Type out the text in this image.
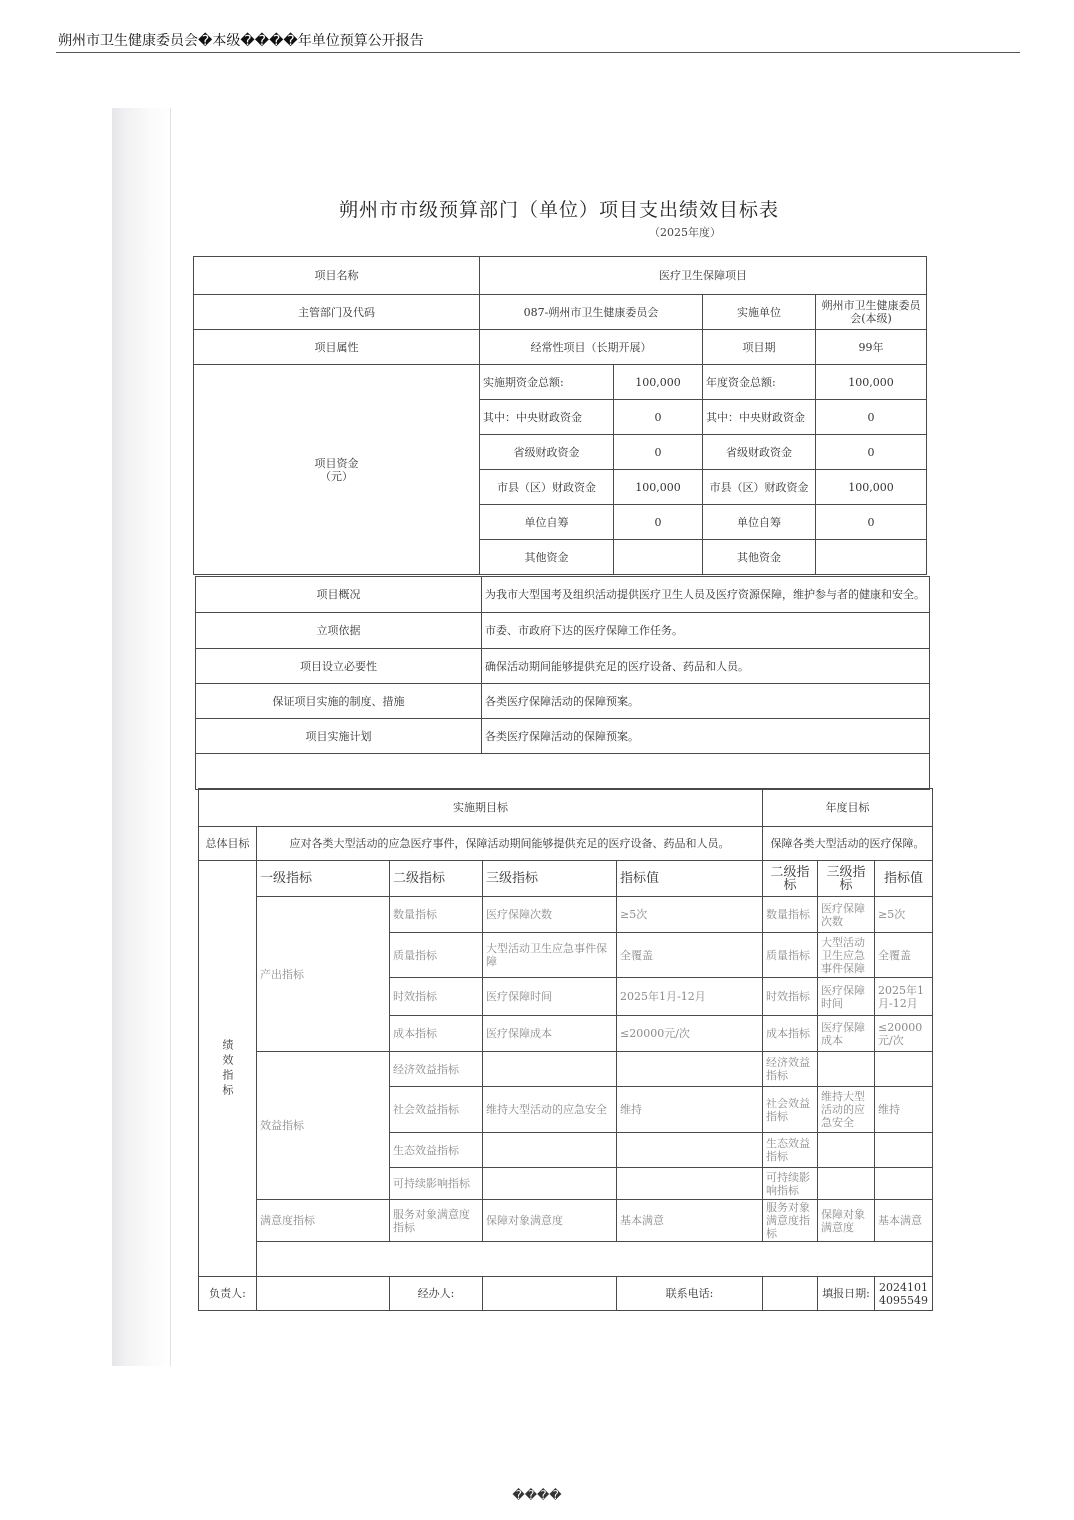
朔州市卫生健康委员会�本级����年单位预算公开报告
朔州市市级预算部门（单位）项目支出绩效目标表
（2025年度）
项目名称	医疗卫生保障项目			
主管部门及代码	087-朔州市卫生健康委员会		实施单位	朔州市卫生健康委员会(本级)
项目属性	经常性项目（长期开展）		项目期	99年
项目资金
（元）	实施期资金总额:	100,000	年度资金总额:	100,000
	其中：中央财政资金	0	其中：中央财政资金	0
	省级财政资金	0	省级财政资金	0
	市县（区）财政资金	100,000	市县（区）财政资金	100,000
	单位自筹	0	单位自筹	0
	其他资金		其他资金	
项目概况	为我市大型国考及组织活动提供医疗卫生人员及医疗资源保障，维护参与者的健康和安全。
立项依据	市委、市政府下达的医疗保障工作任务。
项目设立必要性	确保活动期间能够提供充足的医疗设备、药品和人员。
保证项目实施的制度、措施	各类医疗保障活动的保障预案。
项目实施计划	各类医疗保障活动的保障预案。

实施期目标					年度目标		
总体目标	应对各类大型活动的应急医疗事件，保障活动期间能够提供充足的医疗设备、药品和人员。				保障各类大型活动的医疗保障。		
绩效指标	一级指标	二级指标	三级指标	指标值	二级指标	三级指标	指标值
	产出指标	数量指标	医疗保障次数	≥5次	数量指标	医疗保障次数	≥5次
		质量指标	大型活动卫生应急事件保障	全覆盖	质量指标	大型活动卫生应急事件保障	全覆盖
		时效指标	医疗保障时间	2025年1月-12月	时效指标	医疗保障时间	2025年1月-12月
		成本指标	医疗保障成本	≤20000元/次	成本指标	医疗保障成本	≤20000元/次
	效益指标	经济效益指标			经济效益指标		
		社会效益指标	维持大型活动的应急安全	维持	社会效益指标	维持大型活动的应急安全	维持
		生态效益指标			生态效益指标		
		可持续影响指标			可持续影响指标		
	满意度指标	服务对象满意度指标	保障对象满意度	基本满意	服务对象满意度指标	保障对象满意度	基本满意

负责人:		经办人:		联系电话:		填报日期:	20241014095549
����
